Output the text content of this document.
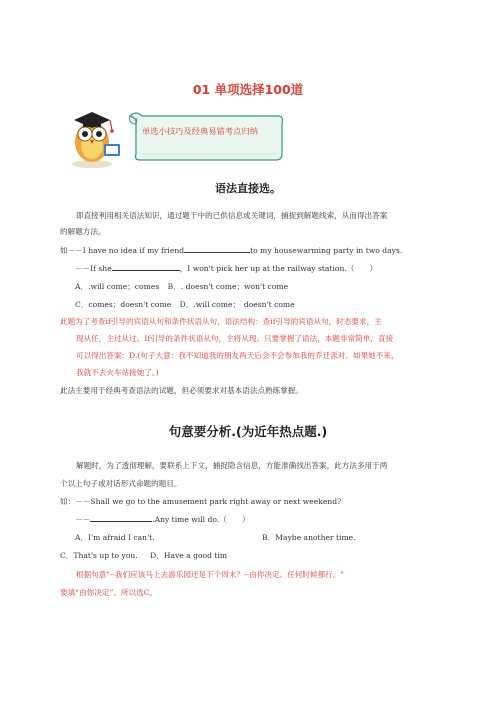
01 单项选择100道
单选小技巧及经典易错考点归纳
语法直接选。
即直接利用相关语法知识，通过题干中的已供信息或关键词，捕捉到解题线索，从而得出答案
的解题方法。
如－－I have no idea if my friend	to my housewarming party in two days.
－－If she	，I won't pick her up at the railway station.（　　）
A．.will come；comes B．. doesn't come；won't come
C．comes；doesn't come D．.will come；　doesn't come
此题为了考查if引导的宾语从句和条件状语从句，语法结构：查if引导的宾语从句，时态要求，主
现从任，主过从过。If引导的条件状语从句，主将从现。只要掌握了语法，本题非常简单，直接
可以得出答案：D.(句子大意：我不知道我的朋友两天后会不会参加我的乔迁派对。如果她不来，
我就不去火车站接她了。)
此法主要用于经典考查语法的试题，但必须要求对基本语法点熟练掌握。
句意要分析.(为近年热点题.)
解题时，为了透彻理解，要联系上下文，捕捉隐含信息，方能准确找出答案，此方法多用于两
个以上句子或对话形式命题的题目。
如：－－Shall we go to the amusement park right away or next weekend?
－－	.Any time will do.（　　）
A．I'm afraid I can't.	B．Maybe another time.
C．That's up to you. D．Have a good tim
根据句意"--我们应该马上去游乐园还是下个周末？--由你决定。任何时候都行。"
要填“由你决定”。所以选C。
